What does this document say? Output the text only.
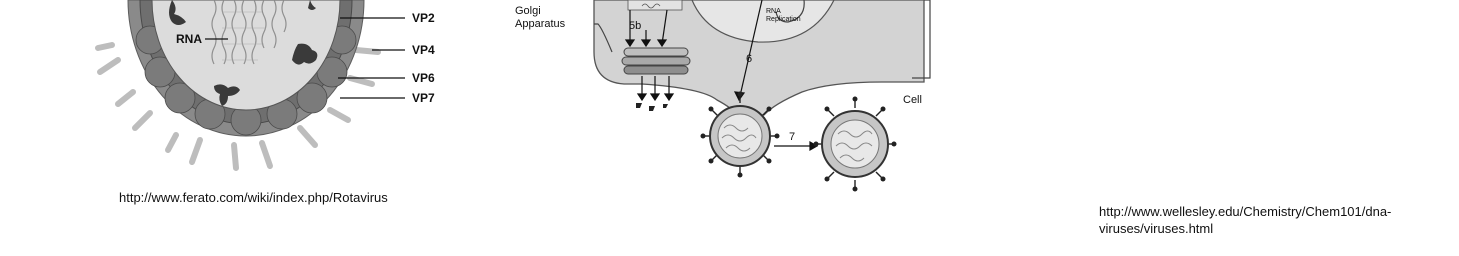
RNA
VP2
VP4
VP6
VP7
http://www.ferato.com/wiki/index.php/Rotavirus
RNA
Replication
5b
Golgi
Apparatus
6
7
Cell
http://www.wellesley.edu/Chemistry/Chem101/dna-
viruses/viruses.html
